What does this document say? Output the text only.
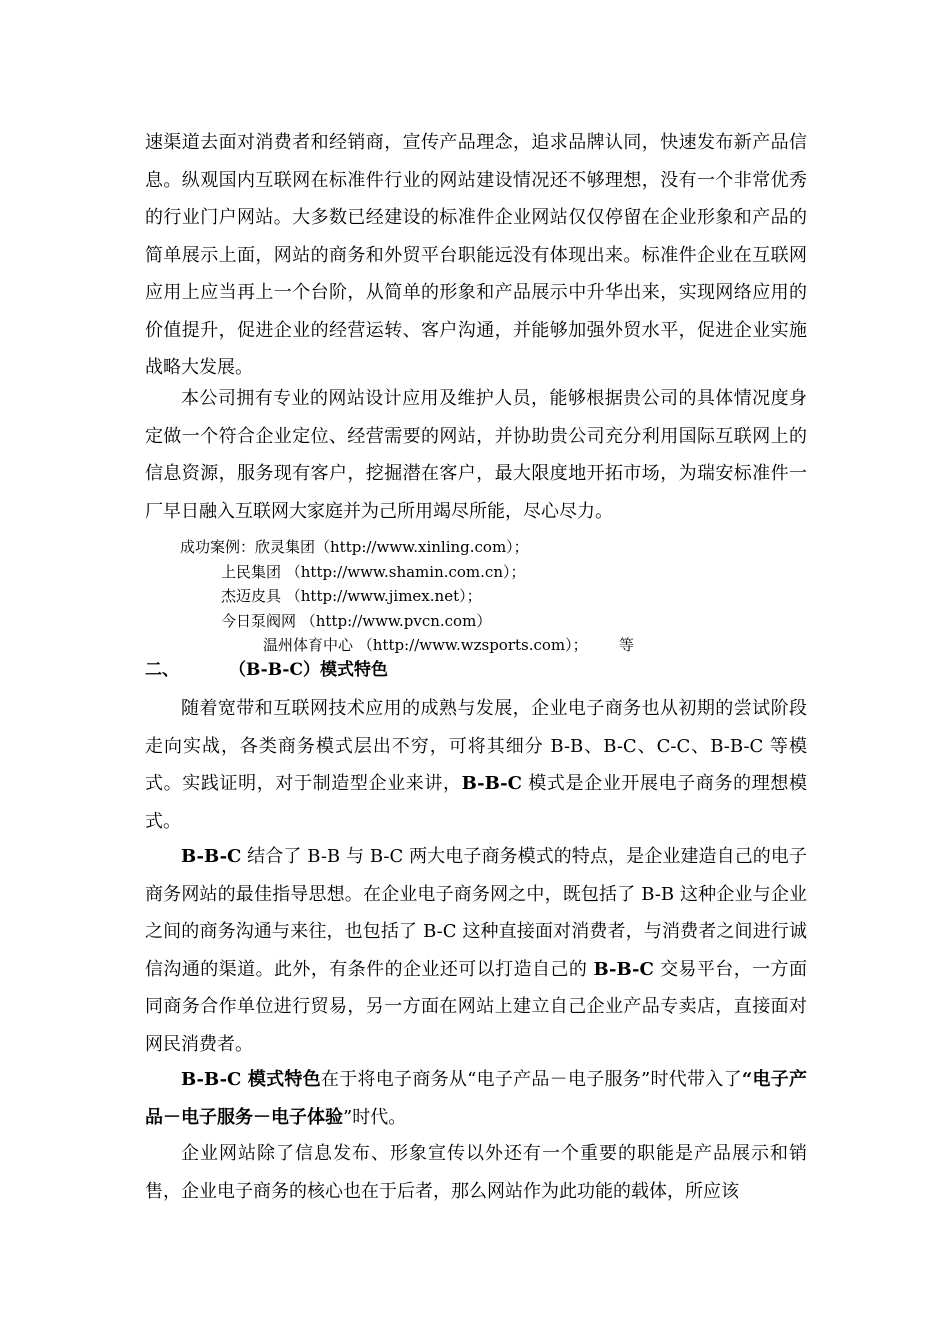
速渠道去面对消费者和经销商，宣传产品理念，追求品牌认同，快速发布新产品信息。纵观国内互联网在标准件行业的网站建设情况还不够理想，没有一个非常优秀的行业门户网站。大多数已经建设的标准件企业网站仅仅停留在企业形象和产品的简单展示上面，网站的商务和外贸平台职能远没有体现出来。标准件企业在互联网应用上应当再上一个台阶，从简单的形象和产品展示中升华出来，实现网络应用的价值提升，促进企业的经营运转、客户沟通，并能够加强外贸水平，促进企业实施战略大发展。
本公司拥有专业的网站设计应用及维护人员，能够根据贵公司的具体情况度身定做一个符合企业定位、经营需要的网站，并协助贵公司充分利用国际互联网上的信息资源，服务现有客户，挖掘潜在客户，最大限度地开拓市场，为瑞安标准件一厂早日融入互联网大家庭并为己所用竭尽所能，尽心尽力。
成功案例：欣灵集团（http://www.xinling.com）；
上民集团 （http://www.shamin.com.cn）；
杰迈皮具 （http://www.jimex.net）；
今日泵阀网 （http://www.pvcn.com）
温州体育中心 （http://www.wzsports.com）； 等
二、	（B-B-C）模式特色
随着宽带和互联网技术应用的成熟与发展，企业电子商务也从初期的尝试阶段走向实战，各类商务模式层出不穷，可将其细分 B-B、B-C、C-C、B-B-C 等模式。实践证明，对于制造型企业来讲，B-B-C 模式是企业开展电子商务的理想模式。
B-B-C 结合了 B-B 与 B-C 两大电子商务模式的特点，是企业建造自己的电子商务网站的最佳指导思想。在企业电子商务网之中，既包括了 B-B 这种企业与企业之间的商务沟通与来往，也包括了 B-C 这种直接面对消费者，与消费者之间进行诚信沟通的渠道。此外，有条件的企业还可以打造自己的 B-B-C 交易平台，一方面同商务合作单位进行贸易，另一方面在网站上建立自己企业产品专卖店，直接面对网民消费者。
B-B-C 模式特色在于将电子商务从“电子产品－电子服务”时代带入了“电子产品－电子服务－电子体验”时代。
企业网站除了信息发布、形象宣传以外还有一个重要的职能是产品展示和销售，企业电子商务的核心也在于后者，那么网站作为此功能的载体，所应该
